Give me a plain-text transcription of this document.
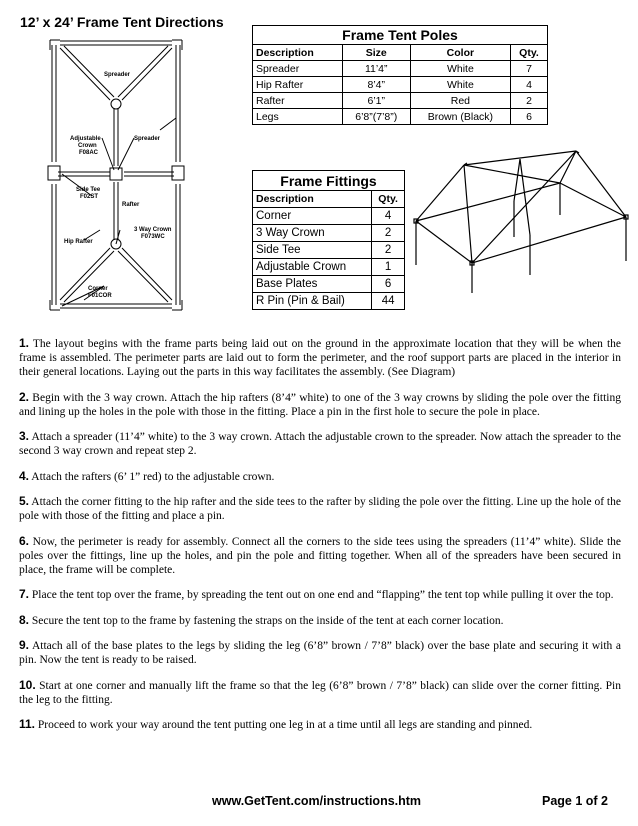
12’ x 24’ Frame Tent Directions
Spreader
Adjustable
Crown
F08AC
Spreader
Side Tee
F02ST
Rafter
3 Way Crown
F073WC
Hip Rafter
Corner
F01COR
Frame Tent Poles			
Description	Size	Color	Qty.
Spreader	11’4”	White	7
Hip Rafter	8’4”	White	4
Rafter	6’1”	Red	2
Legs	6’8”(7’8”)	Brown (Black)	6
Frame Fittings	
Description	Qty.
Corner	4
3 Way Crown	2
Side Tee	2
Adjustable Crown	1
Base Plates	6
R Pin (Pin & Bail)	44

1. The layout begins with the frame parts being laid out on the ground in the approximate location that they will be when the frame is assembled. The perimeter parts are laid out to form the perimeter, and the roof support parts are placed in the interior in their general locations. Laying out the parts in this way facilitates the assembly. (See Diagram)

2. Begin with the 3 way crown. Attach the hip rafters (8’4” white) to one of the 3 way crowns by sliding the pole over the fitting and lining up the holes in the pole with those in the fitting. Place a pin in the first hole to secure the pole in place.

3. Attach a spreader (11’4” white) to the 3 way crown. Attach the adjustable crown to the spreader. Now attach the spreader to the second 3 way crown and repeat step 2.

4. Attach the rafters (6’ 1” red) to the adjustable crown.

5. Attach the corner fitting to the hip rafter and the side tees to the rafter by sliding the pole over the fitting. Line up the hole of the pole with those of the fitting and place a pin.

6. Now, the perimeter is ready for assembly. Connect all the corners to the side tees using the spreaders (11’4” white). Slide the poles over the fittings, line up the holes, and pin the pole and fitting together. When all of the spreaders have been secured in place, the frame will be complete.

7. Place the tent top over the frame, by spreading the tent out on one end and “flapping” the tent top while pulling it over the top.

8. Secure the tent top to the frame by fastening the straps on the inside of the tent at each corner location.

9. Attach all of the base plates to the legs by sliding the leg (6’8” brown / 7’8” black) over the base plate and securing it with a pin. Now the tent is ready to be raised.

10. Start at one corner and manually lift the frame so that the leg (6’8” brown / 7’8” black) can slide over the corner fitting. Pin the leg to the fitting.

11. Proceed to work your way around the tent putting one leg in at a time until all legs are standing and pinned.

www.GetTent.com/instructions.htm	Page 1 of 2
